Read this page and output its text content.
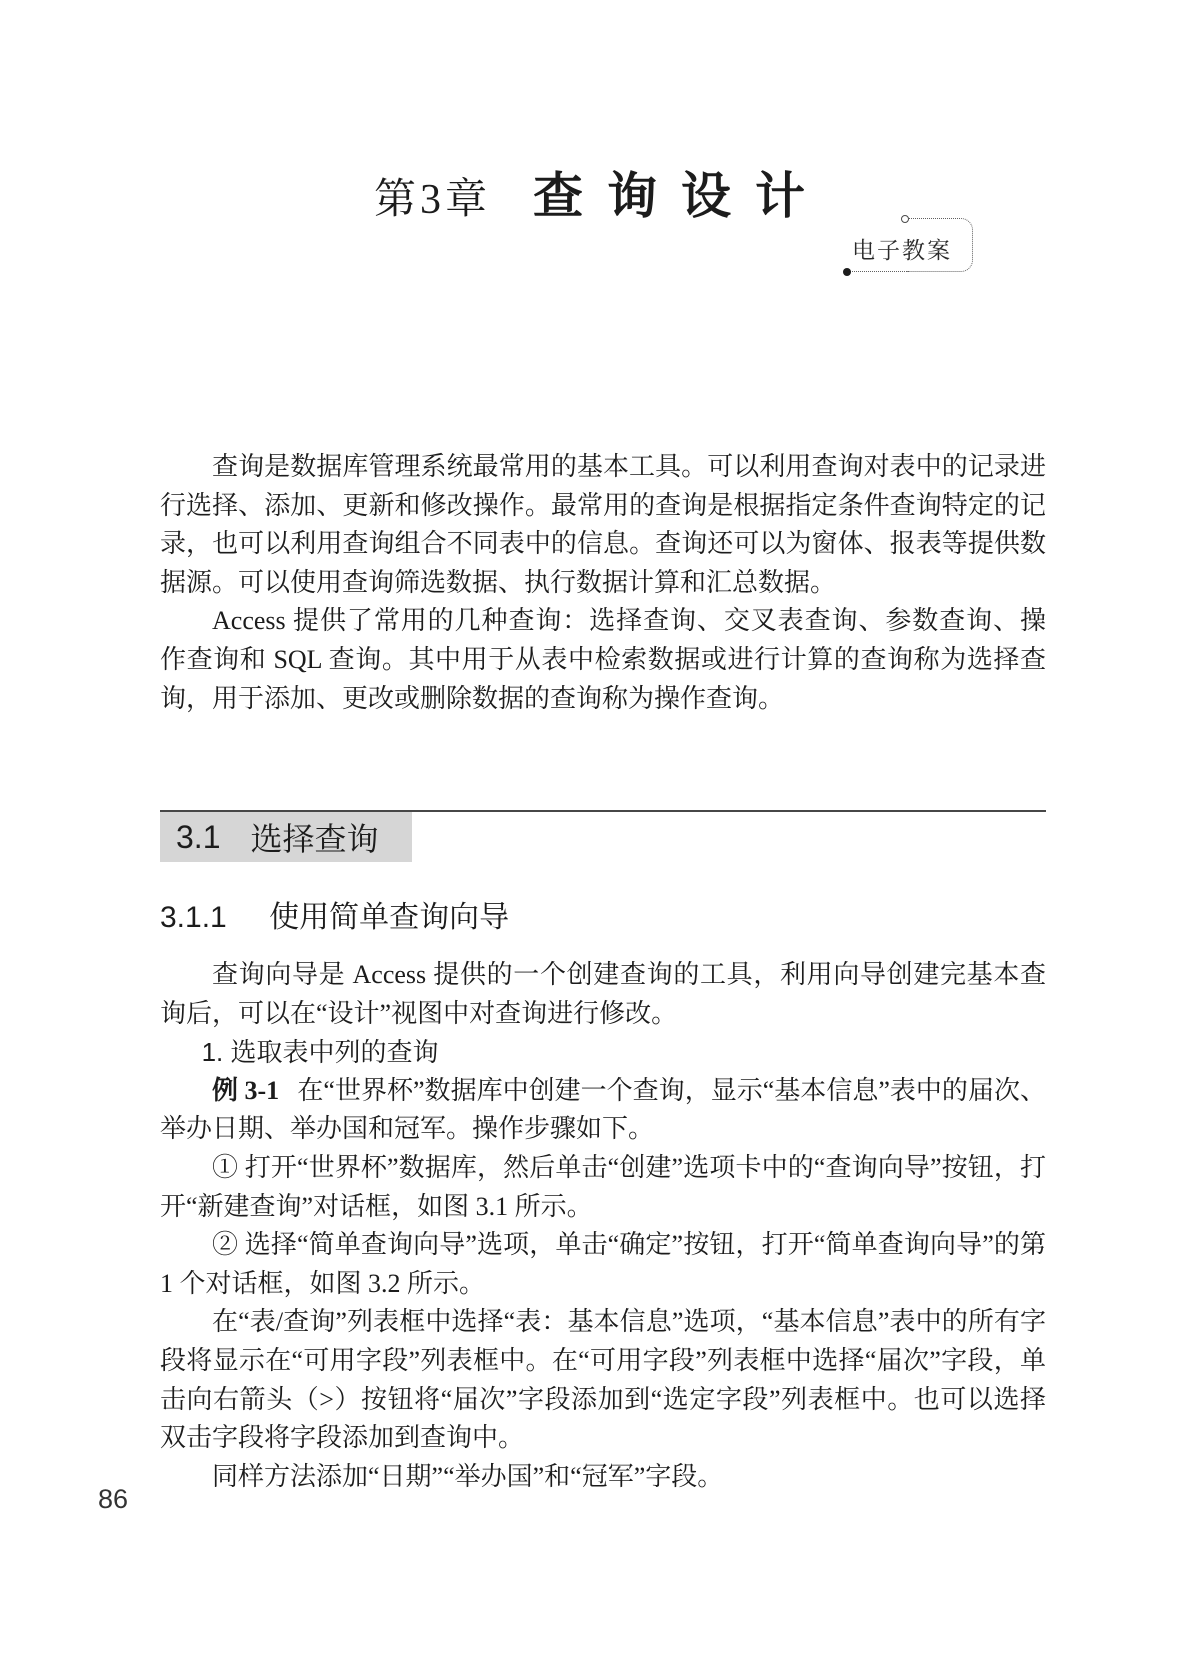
第3章 查询设计
电子教案

查询是数据库管理系统最常用的基本工具。可以利用查询对表中的记录进行选择、添加、更新和修改操作。最常用的查询是根据指定条件查询特定的记录，也可以利用查询组合不同表中的信息。查询还可以为窗体、报表等提供数据源。可以使用查询筛选数据、执行数据计算和汇总数据。

Access 提供了常用的几种查询：选择查询、交叉表查询、参数查询、操作查询和 SQL 查询。其中用于从表中检索数据或进行计算的查询称为选择查询，用于添加、更改或删除数据的查询称为操作查询。

3.1 选择查询
3.1.1 使用简单查询向导

查询向导是 Access 提供的一个创建查询的工具，利用向导创建完基本查询后，可以在“设计”视图中对查询进行修改。

1. 选取表中列的查询

例 3-1 在“世界杯”数据库中创建一个查询，显示“基本信息”表中的届次、举办日期、举办国和冠军。操作步骤如下。

① 打开“世界杯”数据库，然后单击“创建”选项卡中的“查询向导”按钮，打开“新建查询”对话框，如图 3.1 所示。

② 选择“简单查询向导”选项，单击“确定”按钮，打开“简单查询向导”的第 1 个对话框，如图 3.2 所示。

在“表/查询”列表框中选择“表：基本信息”选项，“基本信息”表中的所有字段将显示在“可用字段”列表框中。在“可用字段”列表框中选择“届次”字段，单击向右箭头（>）按钮将“届次”字段添加到“选定字段”列表框中。也可以选择双击字段将字段添加到查询中。

同样方法添加“日期”“举办国”和“冠军”字段。

86
